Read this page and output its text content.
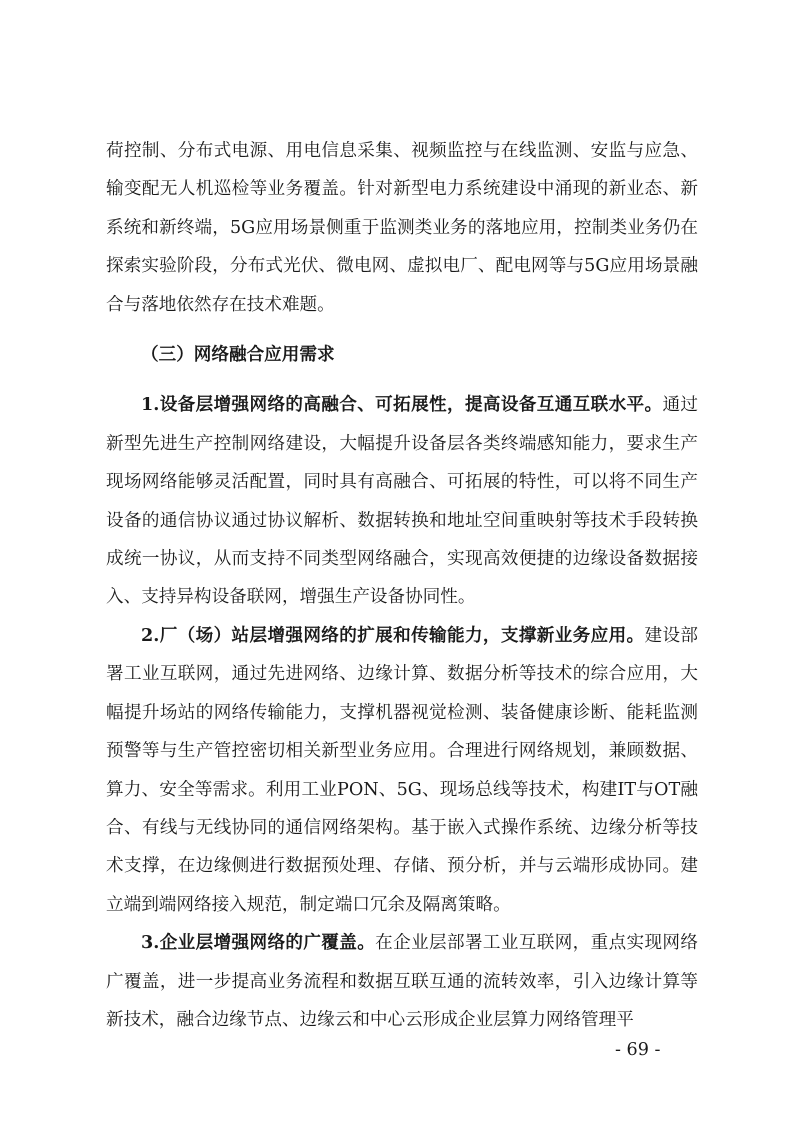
荷控制、分布式电源、用电信息采集、视频监控与在线监测、安监与应急、输变配无人机巡检等业务覆盖。针对新型电力系统建设中涌现的新业态、新系统和新终端，5G应用场景侧重于监测类业务的落地应用，控制类业务仍在探索实验阶段，分布式光伏、微电网、虚拟电厂、配电网等与5G应用场景融合与落地依然存在技术难题。

（三）网络融合应用需求

1.设备层增强网络的高融合、可拓展性，提高设备互通互联水平。通过新型先进生产控制网络建设，大幅提升设备层各类终端感知能力，要求生产现场网络能够灵活配置，同时具有高融合、可拓展的特性，可以将不同生产设备的通信协议通过协议解析、数据转换和地址空间重映射等技术手段转换成统一协议，从而支持不同类型网络融合，实现高效便捷的边缘设备数据接入、支持异构设备联网，增强生产设备协同性。

2.厂（场）站层增强网络的扩展和传输能力，支撑新业务应用。建设部署工业互联网，通过先进网络、边缘计算、数据分析等技术的综合应用，大幅提升场站的网络传输能力，支撑机器视觉检测、装备健康诊断、能耗监测预警等与生产管控密切相关新型业务应用。合理进行网络规划，兼顾数据、算力、安全等需求。利用工业PON、5G、现场总线等技术，构建IT与OT融合、有线与无线协同的通信网络架构。基于嵌入式操作系统、边缘分析等技术支撑，在边缘侧进行数据预处理、存储、预分析，并与云端形成协同。建立端到端网络接入规范，制定端口冗余及隔离策略。

3.企业层增强网络的广覆盖。在企业层部署工业互联网，重点实现网络广覆盖，进一步提高业务流程和数据互联互通的流转效率，引入边缘计算等新技术，融合边缘节点、边缘云和中心云形成企业层算力网络管理平

- 69 -
